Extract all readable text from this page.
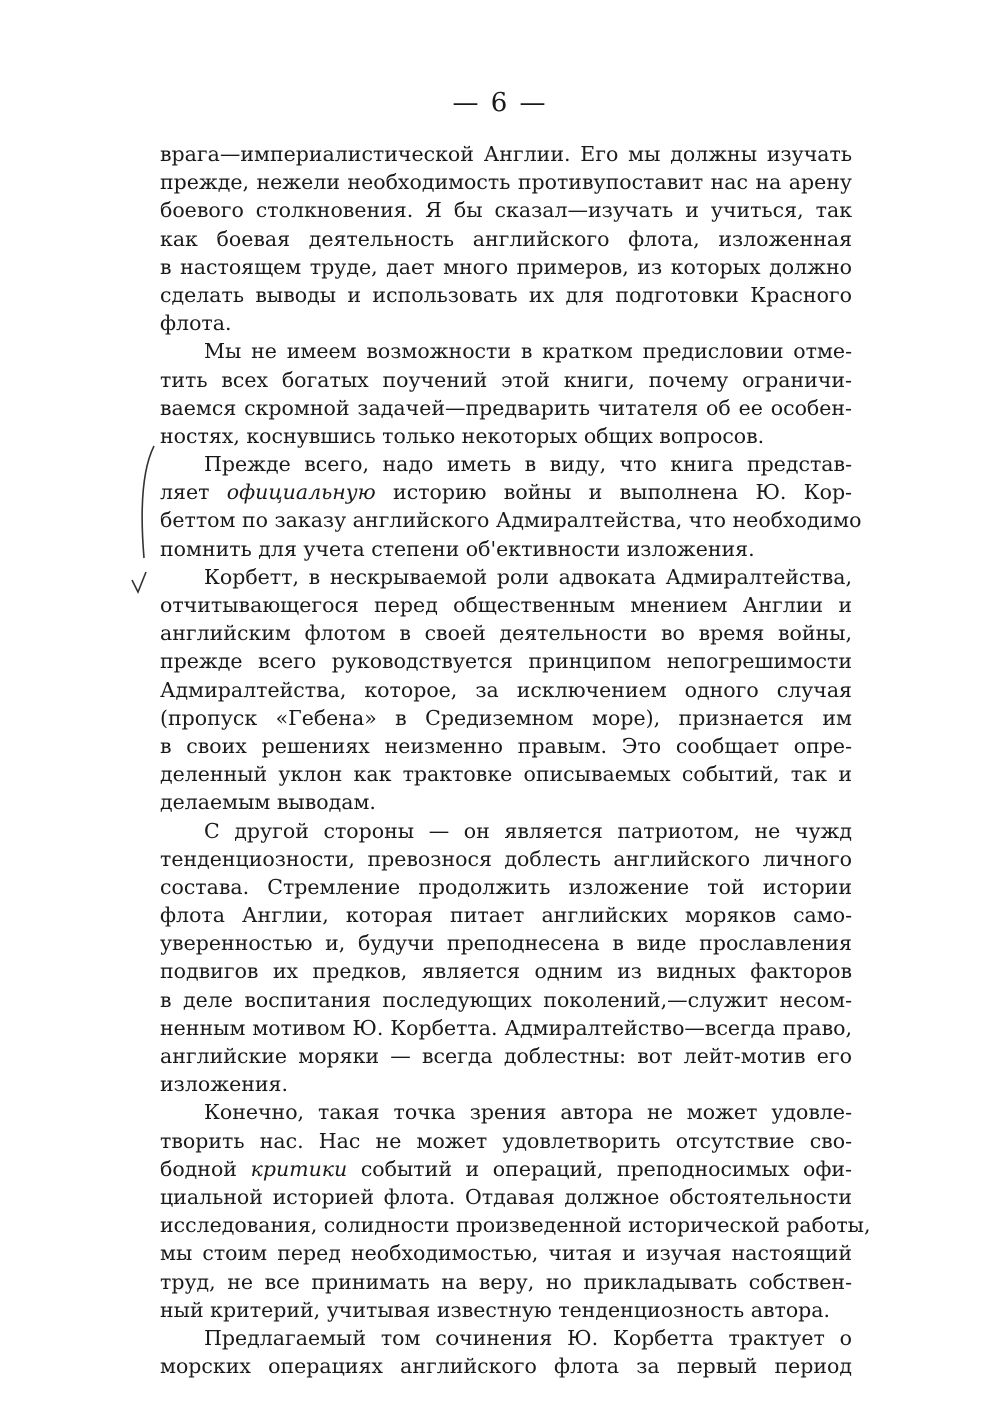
— 6 —
врага—империалистической Англии. Его мы должны изучать
прежде, нежели необходимость противупоставит нас на арену
боевого столкновения. Я бы сказал—изучать и учиться, так
как боевая деятельность английского флота, изложенная
в настоящем труде, дает много примеров, из которых должно
сделать выводы и использовать их для подготовки Красного
флота.
Мы не имеем возможности в кратком предисловии отме-
тить всех богатых поучений этой книги, почему ограничи-
ваемся скромной задачей—предварить читателя об ее особен-
ностях, коснувшись только некоторых общих вопросов.
Прежде всего, надо иметь в виду, что книга представ-
ляет официальную историю войны и выполнена Ю. Кор-
беттом по заказу английского Адмиралтейства, что необходимо
помнить для учета степени об'ективности изложения.
Корбетт, в нескрываемой роли адвоката Адмиралтейства,
отчитывающегося перед общественным мнением Англии и
английским флотом в своей деятельности во время войны,
прежде всего руководствуется принципом непогрешимости
Адмиралтейства, которое, за исключением одного случая
(пропуск «Гебена» в Средиземном море), признается им
в своих решениях неизменно правым. Это сообщает опре-
деленный уклон как трактовке описываемых событий, так и
делаемым выводам.
С другой стороны — он является патриотом, не чужд
тенденциозности, превознося доблесть английского личного
состава. Стремление продолжить изложение той истории
флота Англии, которая питает английских моряков само-
уверенностью и, будучи преподнесена в виде прославления
подвигов их предков, является одним из видных факторов
в деле воспитания последующих поколений,—служит несом-
ненным мотивом Ю. Корбетта. Адмиралтейство—всегда право,
английские моряки — всегда доблестны: вот лейт-мотив его
изложения.
Конечно, такая точка зрения автора не может удовле-
творить нас. Нас не может удовлетворить отсутствие сво-
бодной критики событий и операций, преподносимых офи-
циальной историей флота. Отдавая должное обстоятельности
исследования, солидности произведенной исторической работы,
мы стоим перед необходимостью, читая и изучая настоящий
труд, не все принимать на веру, но прикладывать собствен-
ный критерий, учитывая известную тенденциозность автора.
Предлагаемый том сочинения Ю. Корбетта трактует о
морских операциях английского флота за первый период
